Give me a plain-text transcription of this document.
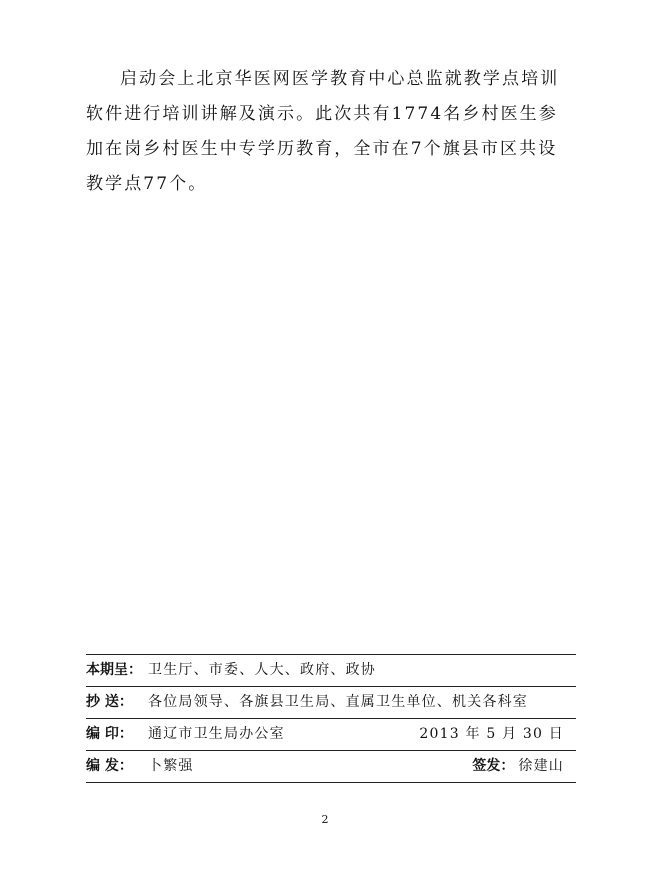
启动会上北京华医网医学教育中心总监就教学点培训软件进行培训讲解及演示。此次共有1774名乡村医生参加在岗乡村医生中专学历教育，全市在7个旗县市区共设教学点77个。

本期呈： 卫生厅、市委、人大、政府、政协
抄 送： 各位局领导、各旗县卫生局、直属卫生单位、机关各科室
编 印： 通辽市卫生局办公室	2013 年 5 月 30 日
编 发： 卜繁强	签发： 徐建山
2
